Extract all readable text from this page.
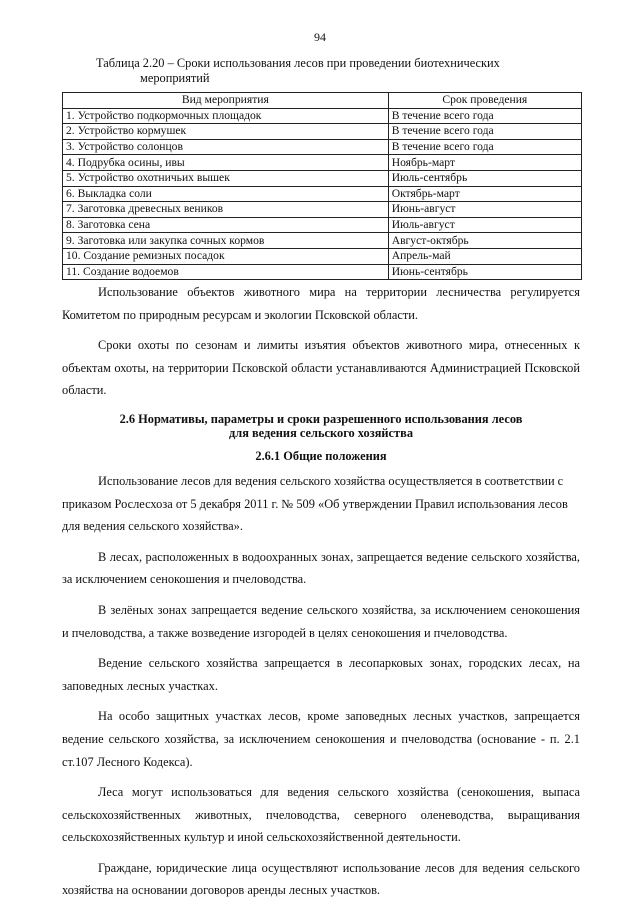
94
Таблица 2.20 – Сроки использования лесов при проведении биотехнических
мероприятий
Вид мероприятия	Срок проведения
1. Устройство подкормочных площадок	В течение всего года
2. Устройство кормушек	В течение всего года
3. Устройство солонцов	В течение всего года
4. Подрубка осины, ивы	Ноябрь-март
5. Устройство охотничьих вышек	Июль-сентябрь
6. Выкладка соли	Октябрь-март
7. Заготовка древесных веников	Июнь-август
8. Заготовка сена	Июль-август
9. Заготовка или закупка сочных кормов	Август-октябрь
10. Создание ремизных посадок	Апрель-май
11. Создание водоемов	Июнь-сентябрь

Использование объектов животного мира на территории лесничества регулируется Комитетом по природным ресурсам и экологии Псковской области.

Сроки охоты по сезонам и лимиты изъятия объектов животного мира, отнесенных к объектам охоты, на территории Псковской области устанавливаются Администрацией Псковской области.

2.6 Нормативы, параметры и сроки разрешенного использования лесов
для ведения сельского хозяйства
2.6.1 Общие положения

Использование лесов для ведения сельского хозяйства осуществляется в соответствии с приказом Рослесхоза от 5 декабря 2011 г. № 509 «Об утверждении Правил использования лесов для ведения сельского хозяйства».

В лесах, расположенных в водоохранных зонах, запрещается ведение сельского хозяйства, за исключением сенокошения и пчеловодства.

В зелёных зонах запрещается ведение сельского хозяйства, за исключением сенокошения и пчеловодства, а также возведение изгородей в целях сенокошения и пчеловодства.

Ведение сельского хозяйства запрещается в лесопарковых зонах, городских лесах, на заповедных лесных участках.

На особо защитных участках лесов, кроме заповедных лесных участков, запрещается ведение сельского хозяйства, за исключением сенокошения и пчеловодства (основание - п. 2.1 ст.107 Лесного Кодекса).

Леса могут использоваться для ведения сельского хозяйства (сенокошения, выпаса сельскохозяйственных животных, пчеловодства, северного оленеводства, выращивания сельскохозяйственных культур и иной сельскохозяйственной деятельности.

Граждане, юридические лица осуществляют использование лесов для ведения сельского хозяйства на основании договоров аренды лесных участков.
